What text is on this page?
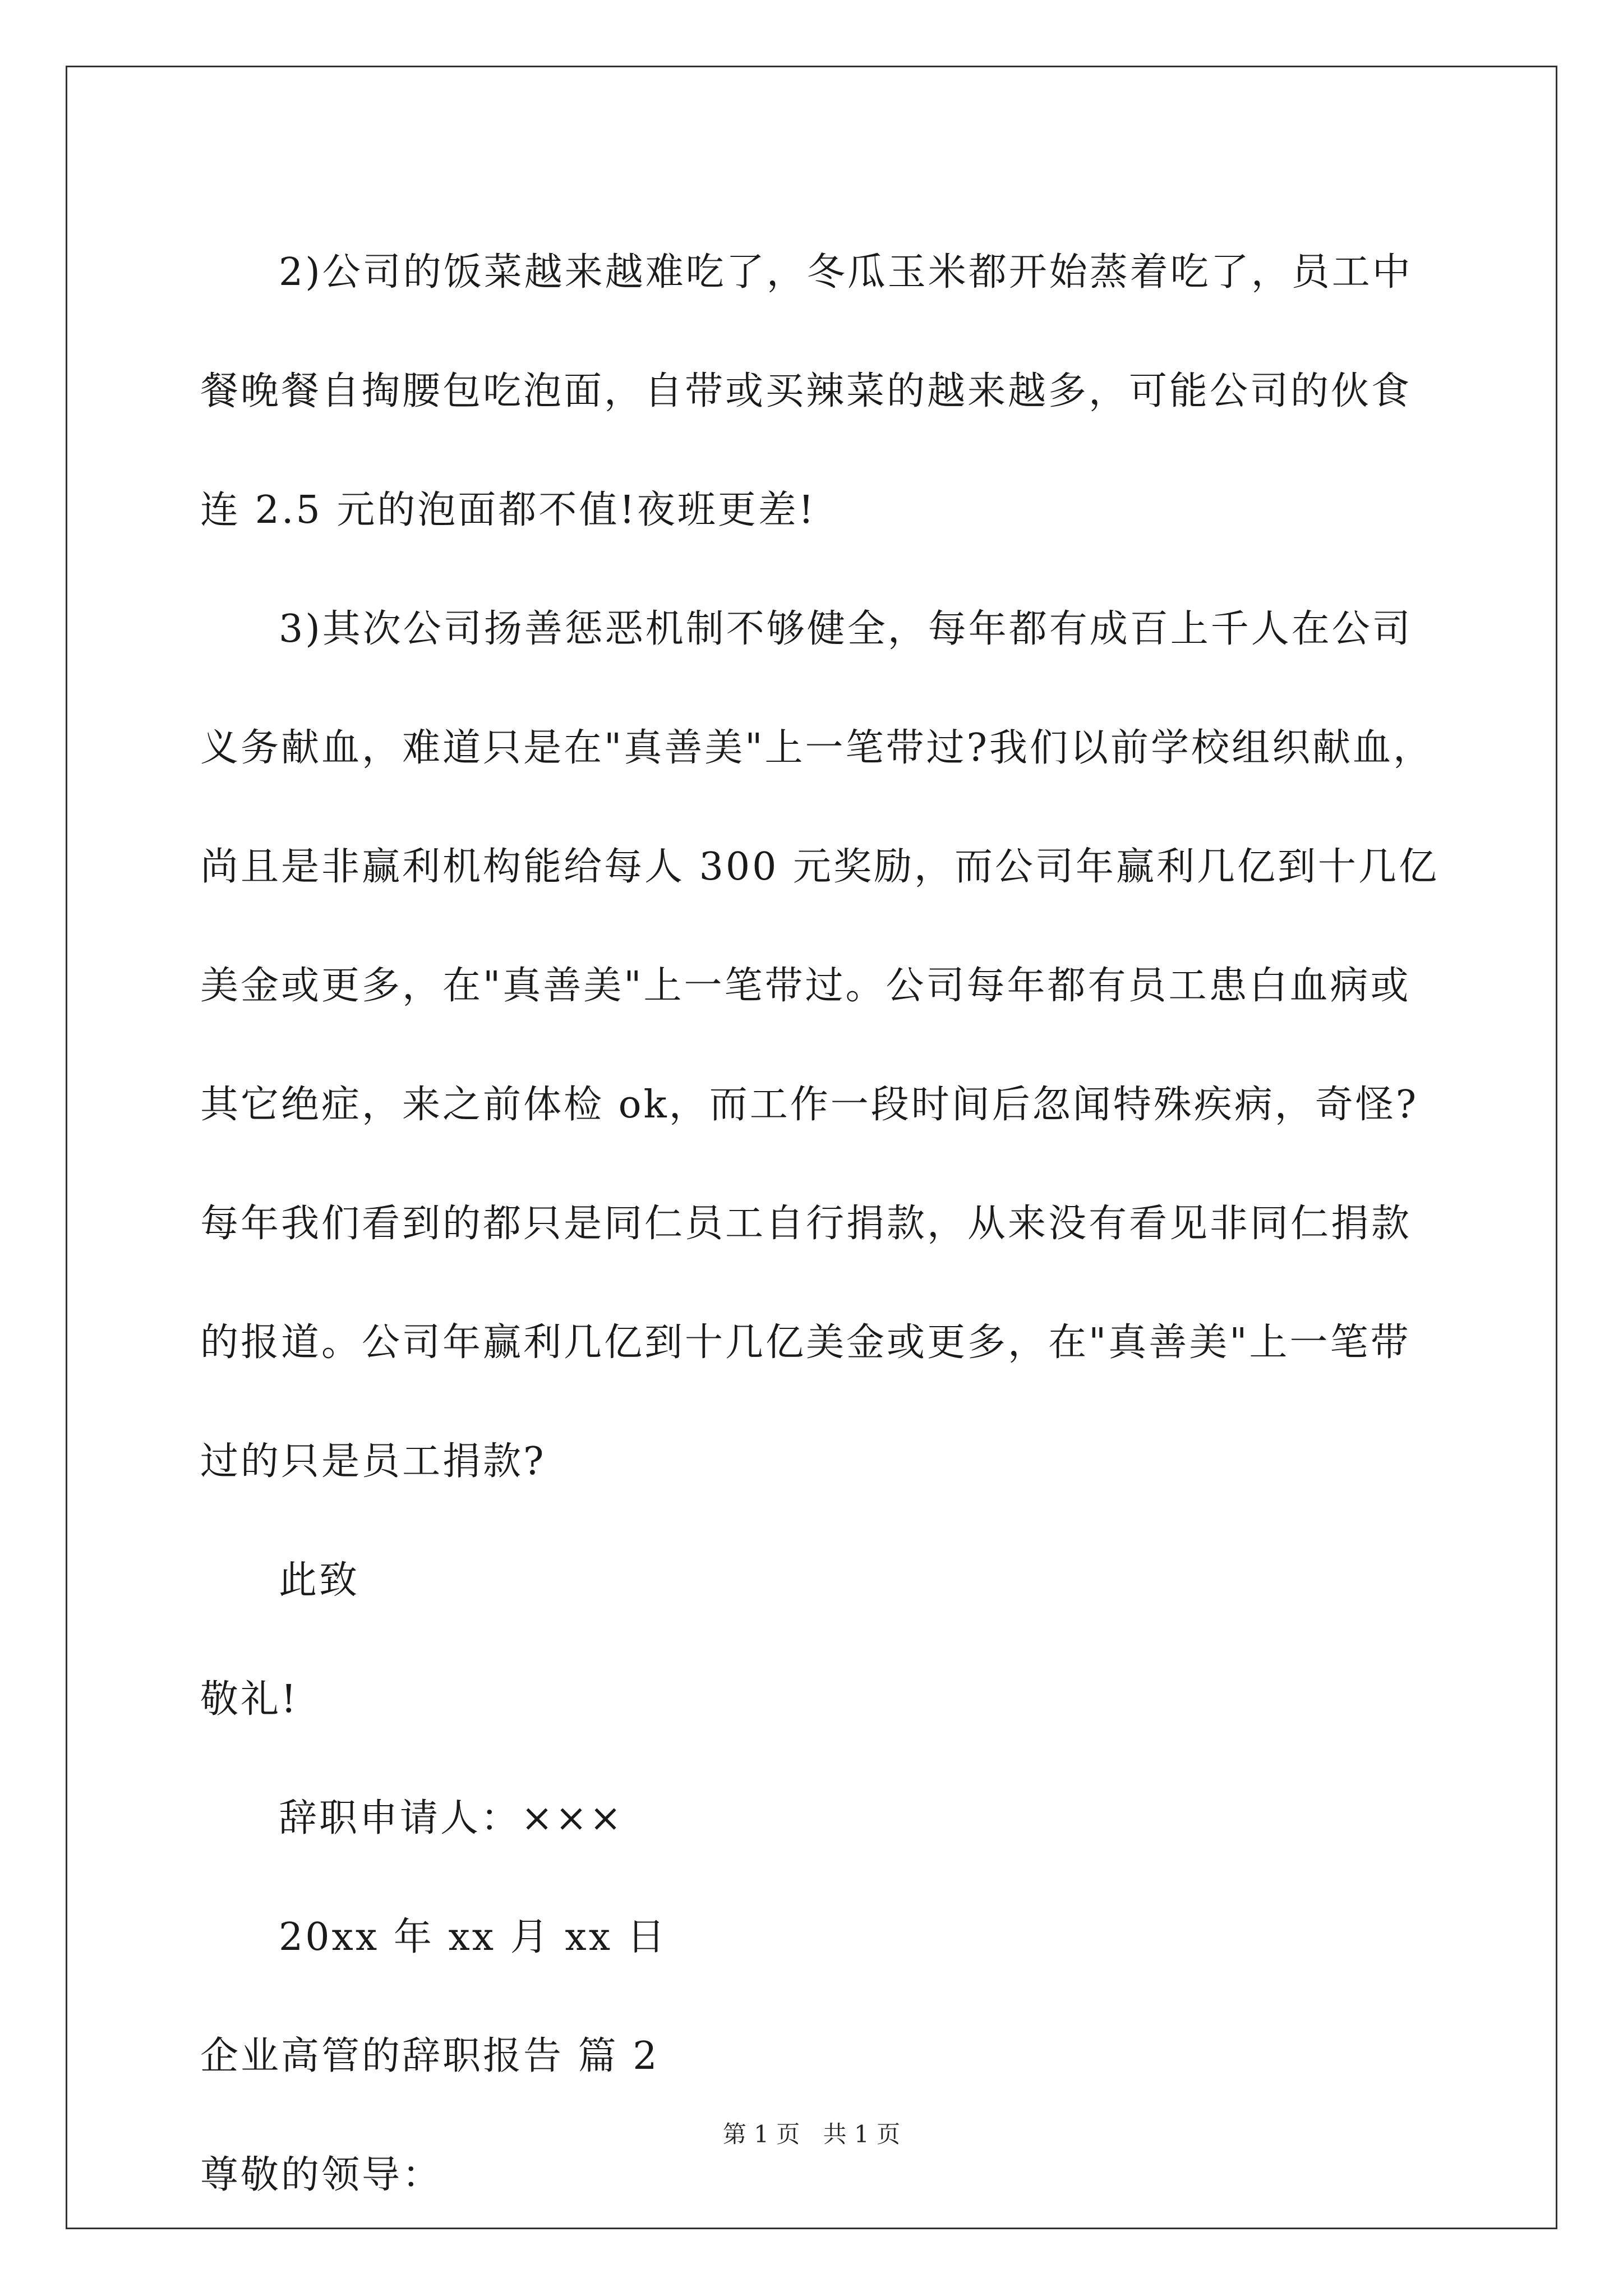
2)公司的饭菜越来越难吃了，冬瓜玉米都开始蒸着吃了，员工中
餐晚餐自掏腰包吃泡面，自带或买辣菜的越来越多，可能公司的伙食
连 2.5 元的泡面都不值!夜班更差!
3)其次公司扬善惩恶机制不够健全，每年都有成百上千人在公司
义务献血，难道只是在"真善美"上一笔带过?我们以前学校组织献血，
尚且是非赢利机构能给每人 300 元奖励，而公司年赢利几亿到十几亿
美金或更多，在"真善美"上一笔带过。公司每年都有员工患白血病或
其它绝症，来之前体检 ok，而工作一段时间后忽闻特殊疾病，奇怪?
每年我们看到的都只是同仁员工自行捐款，从来没有看见非同仁捐款
的报道。公司年赢利几亿到十几亿美金或更多，在"真善美"上一笔带
过的只是员工捐款?
此致
敬礼!
辞职申请人：×××
20xx 年 xx 月 xx 日
企业高管的辞职报告 篇 2
尊敬的领导：
第 1 页 共 1 页
